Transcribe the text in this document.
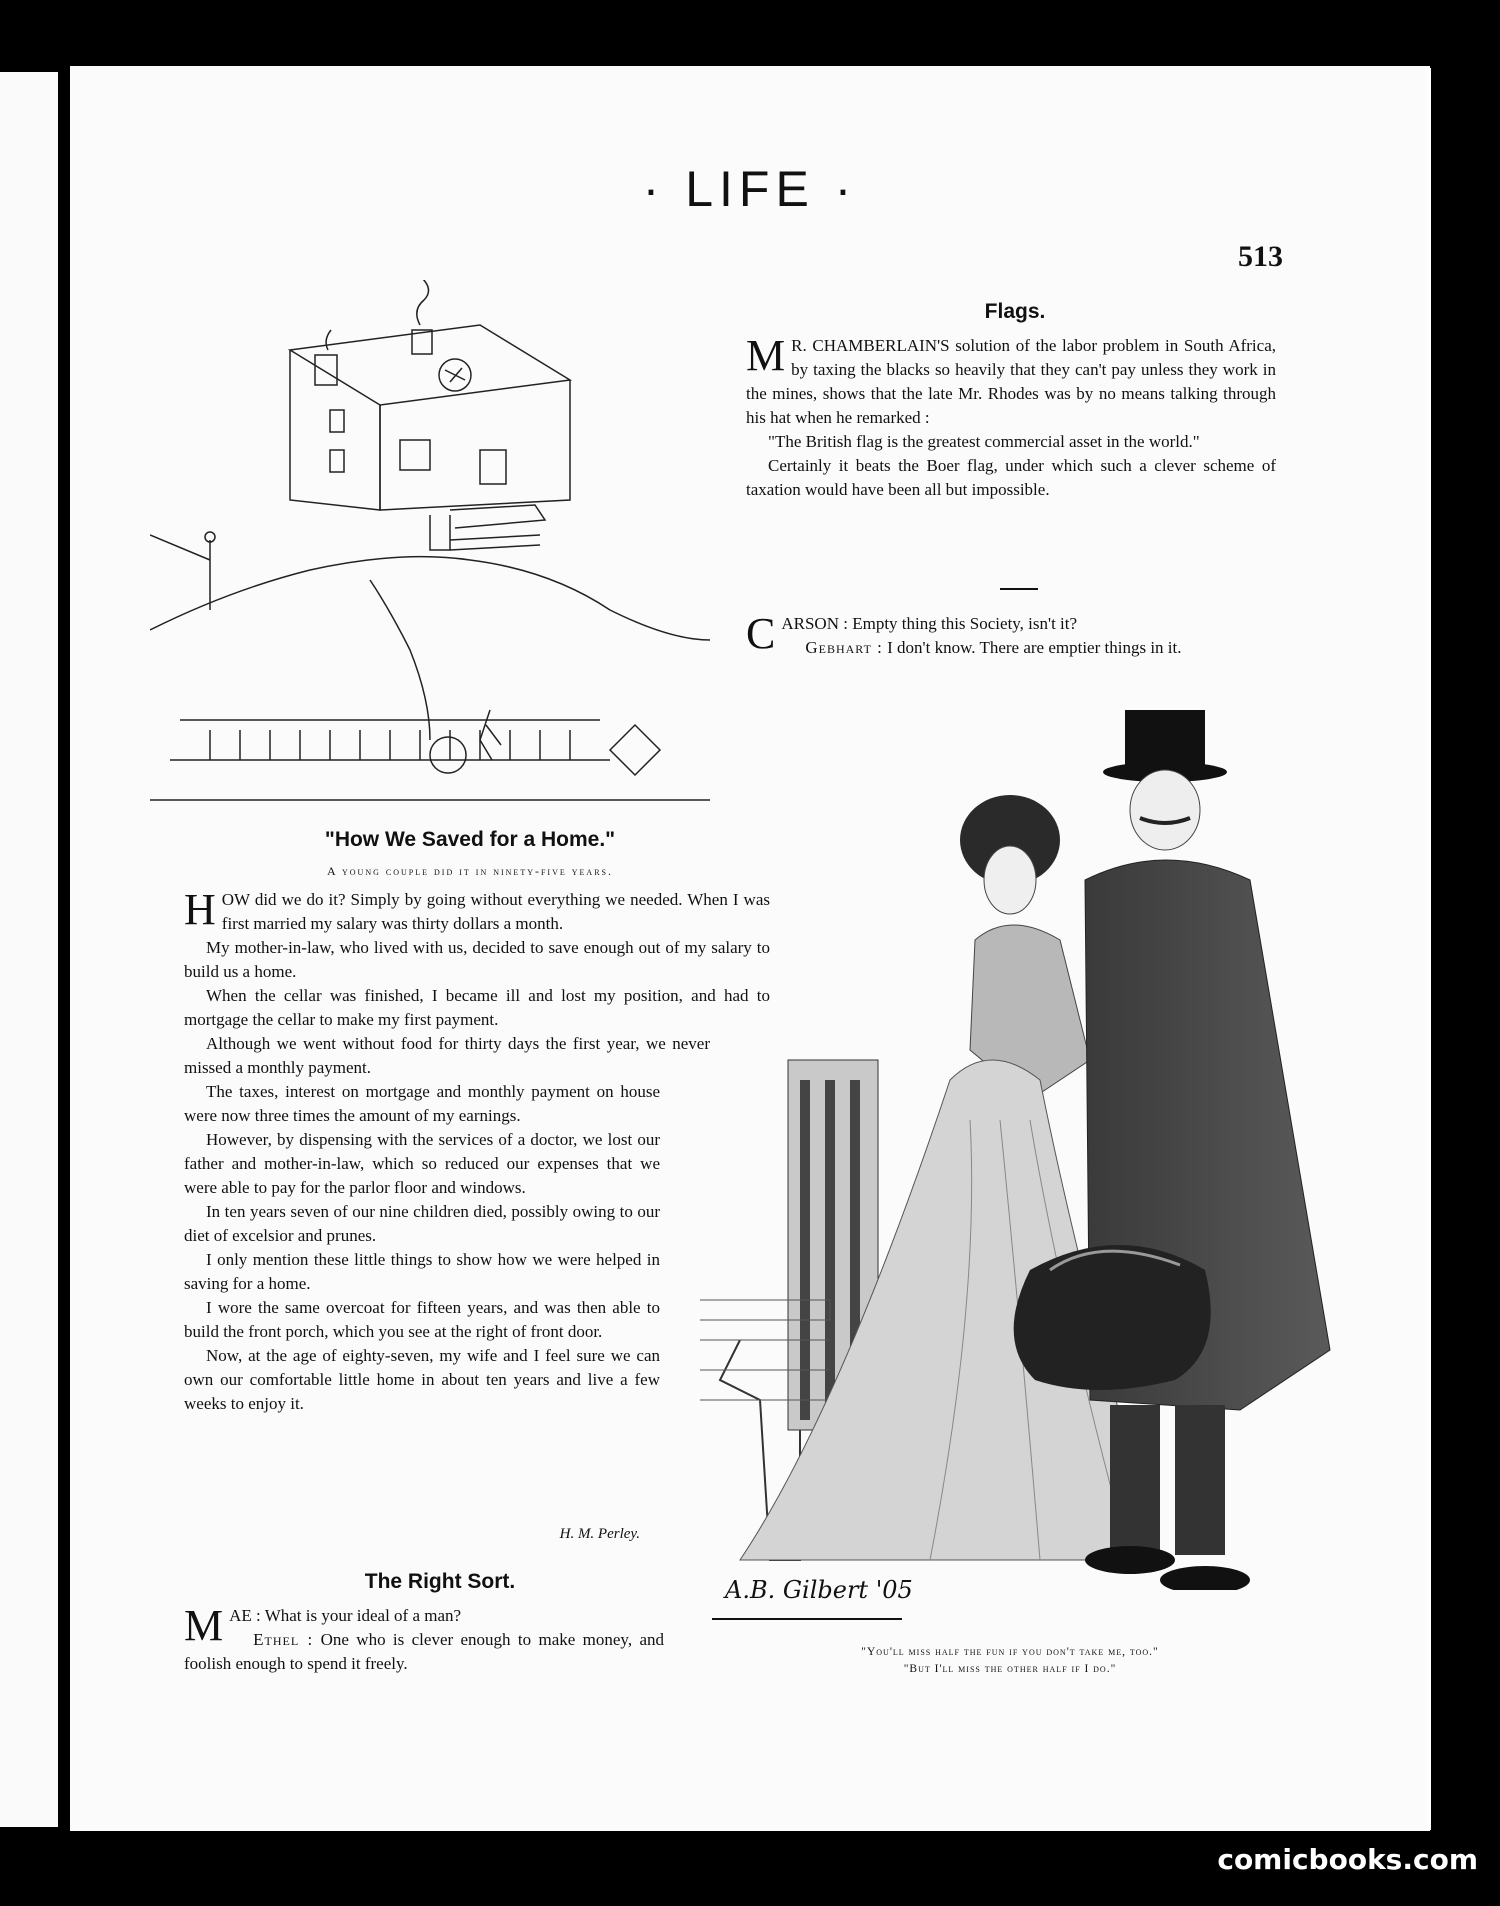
· LIFE ·
513
Flags.
M R. CHAMBERLAIN'S solution of the labor problem in South Africa, by taxing the blacks so heavily that they can't pay unless they work in the mines, shows that the late Mr. Rhodes was by no means talking through his hat when he remarked :

"The British flag is the greatest commercial asset in the world."

Certainly it beats the Boer flag, under which such a clever scheme of taxation would have been all but impossible.

C ARSON : Empty thing this Society, isn't it?

Gebhart : I don't know. There are emptier things in it.

"How We Saved for a Home."
A young couple did it in ninety-five years.
H OW did we do it? Simply by going without everything we needed. When I was first married my salary was thirty dollars a month.

My mother-in-law, who lived with us, decided to save enough out of my salary to build us a home.

When the cellar was finished, I became ill and lost my position, and had to mortgage the cellar to make my first payment.

Although we went without food for thirty days the first year, we never missed a monthly payment.

The taxes, interest on mortgage and monthly payment on house were now three times the amount of my earnings.

However, by dispensing with the services of a doctor, we lost our father and mother-in-law, which so reduced our expenses that we were able to pay for the parlor floor and windows.

In ten years seven of our nine children died, possibly owing to our diet of excelsior and prunes.

I only mention these little things to show how we were helped in saving for a home.

I wore the same overcoat for fifteen years, and was then able to build the front porch, which you see at the right of front door.

Now, at the age of eighty-seven, my wife and I feel sure we can own our comfortable little home in about ten years and live a few weeks to enjoy it.

H. M. Perley.
The Right Sort.
M AE : What is your ideal of a man?

Ethel : One who is clever enough to make money, and foolish enough to spend it freely.

A.B. Gilbert '05
"You'll miss half the fun if you don't take me, too."
"But I'll miss the other half if I do."
comicbooks.com
